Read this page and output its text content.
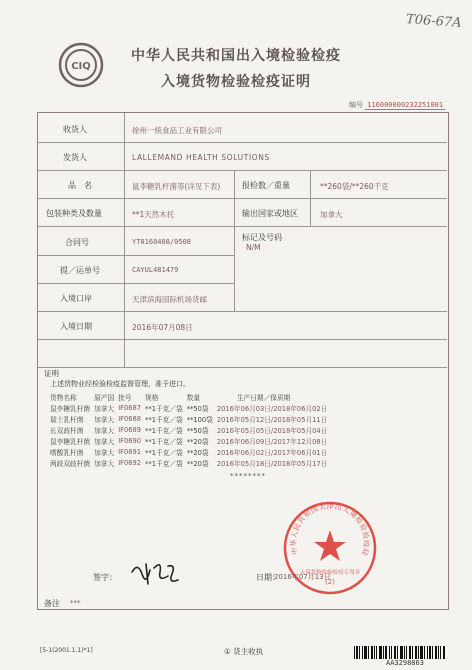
T06-67A
CIQ
中华人民共和国出入境检验检疫
入境货物检验检疫证明
编号 116000000232251001
收货人	徐州一统食品工业有限公司
发货人	LALLEMAND HEALTH SOLUTIONS
品　名	鼠李糖乳杆菌等(详见下表)	报检数／重量	**260袋/**260千克
包装种类及数量	**1天然木托	输出国家或地区	加拿大
合同号	YT0160408/0508	标记及号码
N/M
提／运单号	CAYUL481479
入境口岸	天津滨海国际机场货邮
入境日期	2016年07月08日
证明
上述货物业经检验检疫监督管理，准予进口。
货物名称	原产国	批号	规格	数量	生产日期／保质期
鼠李糖乳杆菌	加拿大	IF0687	**1千克／袋	**50袋	2016年06月03日/2018年06月02日
瑞士乳杆菌	加拿大	IF0688	**1千克／袋	**100袋	2016年05月12日/2018年05月11日
长双歧杆菌	加拿大	IF0689	**1千克／袋	**50袋	2016年05月05日/2018年05月04日
鼠李糖乳杆菌	加拿大	IF0690	**1千克／袋	**20袋	2016年06月09日/2017年12月08日
嗜酸乳杆菌	加拿大	IF0691	**1千克／袋	**20袋	2016年06月02日/2017年06月01日
两歧双歧杆菌	加拿大	IF0692	**1千克／袋	**20袋	2016年05月18日/2018年05月17日
********
中华人民共和国天津出入境检验检疫局
入境货物检验检疫专用章
(2)
签字：	日期：
2016年07月13日
备注 ***
[5-1(2001.1.1)*1]	① 货主收执
AA3298863
